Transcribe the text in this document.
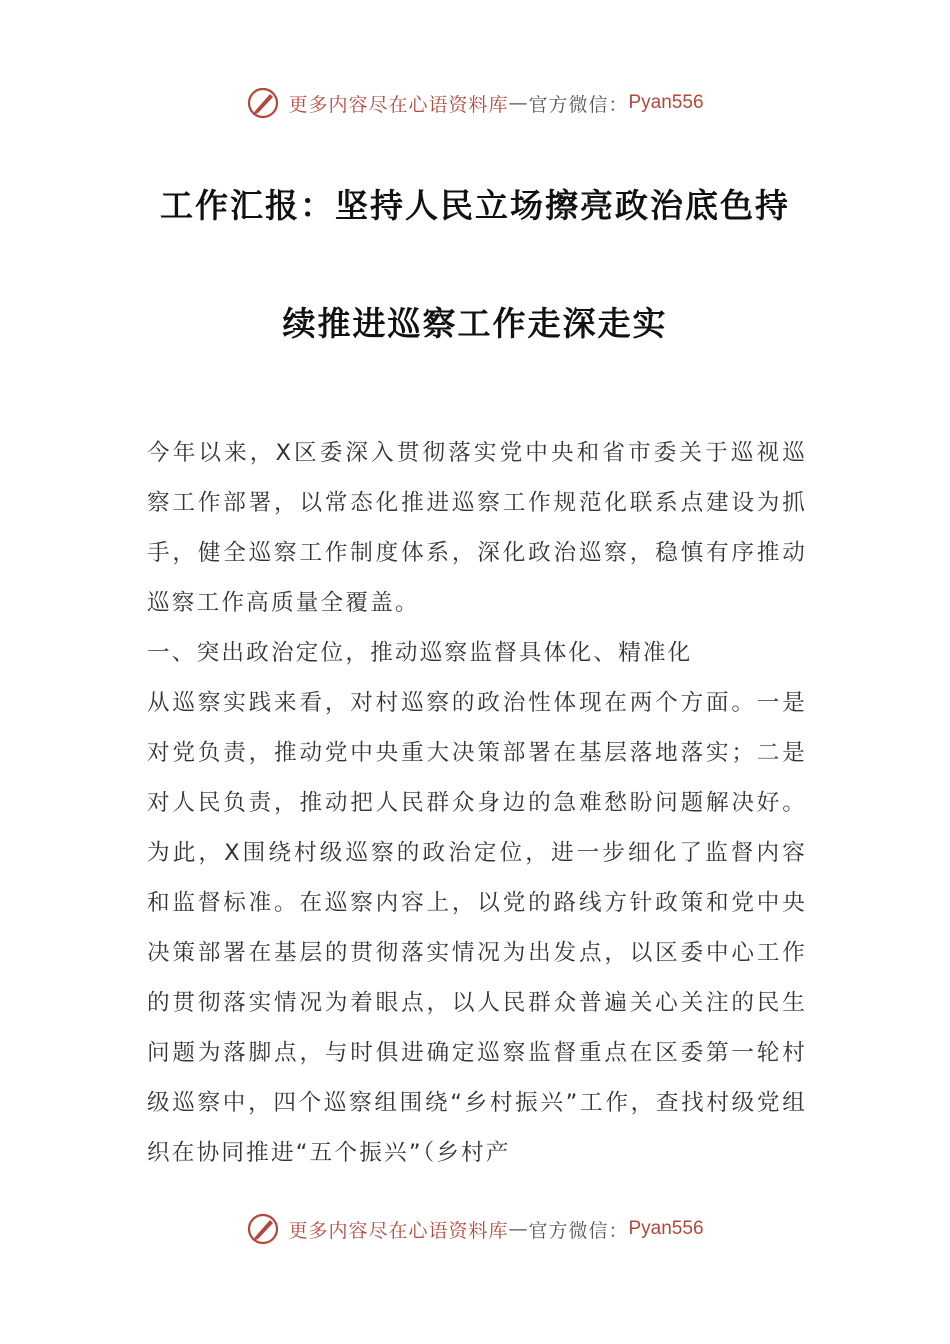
更多内容尽在心语资料库 — 官方微信： Pyan556
工作汇报：坚持人民立场擦亮政治底色持
续推进巡察工作走深走实

今年以来，X区委深入贯彻落实党中央和省市委关于巡视巡察工作部署，以常态化推进巡察工作规范化联系点建设为抓手，健全巡察工作制度体系，深化政治巡察，稳慎有序推动巡察工作高质量全覆盖。

一、突出政治定位，推动巡察监督具体化、精准化

从巡察实践来看，对村巡察的政治性体现在两个方面。一是对党负责，推动党中央重大决策部署在基层落地落实；二是对人民负责，推动把人民群众身边的急难愁盼问题解决好。为此，X围绕村级巡察的政治定位，进一步细化了监督内容和监督标准。在巡察内容上，以党的路线方针政策和党中央决策部署在基层的贯彻落实情况为出发点，以区委中心工作的贯彻落实情况为着眼点，以人民群众普遍关心关注的民生问题为落脚点，与时俱进确定巡察监督重点在区委第一轮村级巡察中，四个巡察组围绕“乡村振兴”工作，查找村级党组织在协同推进“五个振兴”（乡村产

更多内容尽在心语资料库 — 官方微信： Pyan556
